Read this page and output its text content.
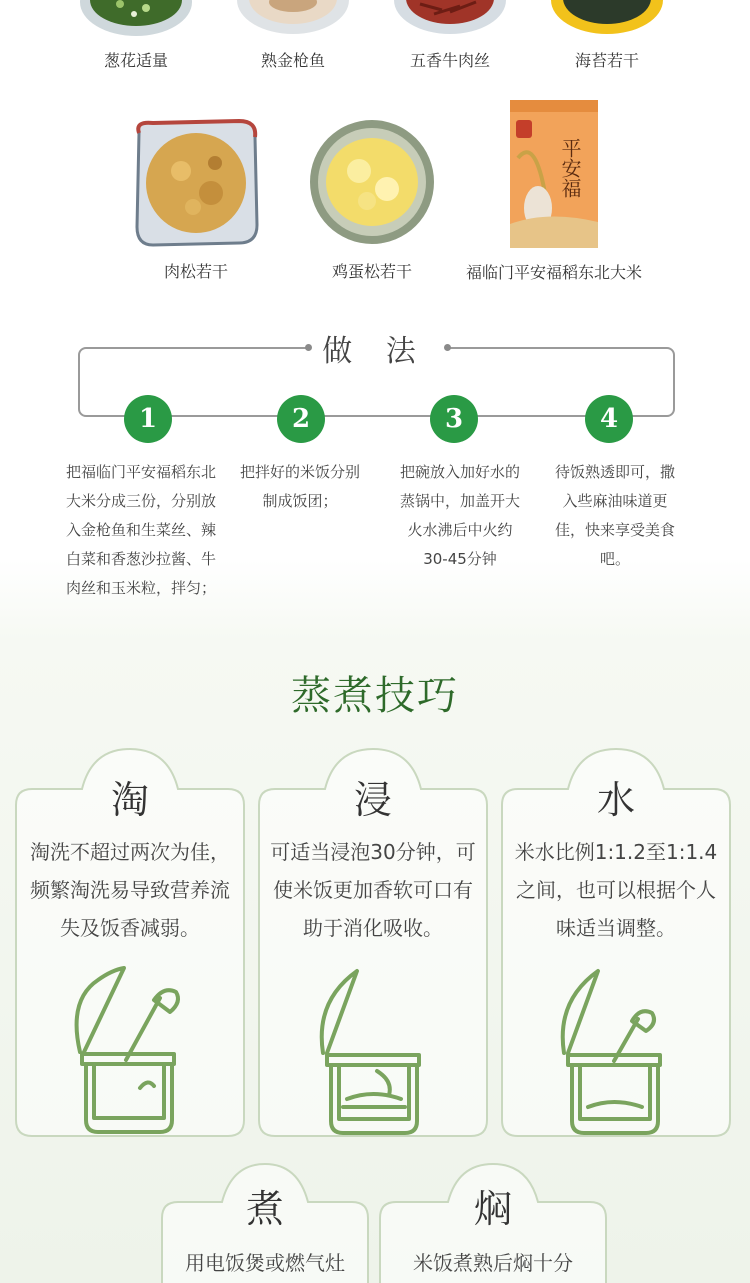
葱花适量	熟金枪鱼	五香牛肉丝	海苔若干
肉松若干	鸡蛋松若干
平安福
福临门平安福稻东北大米
做 法
1	2	3	4
把福临门平安福稻东北大米分成三份，分别放入金枪鱼和生菜丝、辣白菜和香葱沙拉酱、牛肉丝和玉米粒，拌匀；
把拌好的米饭分别制成饭团；
把碗放入加好水的蒸锅中，加盖开大火水沸后中火约30-45分钟
待饭熟透即可，撒入些麻油味道更佳，快来享受美食吧。
蒸煮技巧
淘
淘洗不超过两次为佳，频繁淘洗易导致营养流失及饭香减弱。
浸
可适当浸泡30分钟，可使米饭更加香软可口有助于消化吸收。
水
米水比例1:1.2至1:1.4之间，也可以根据个人味适当调整。
煮
用电饭煲或燃气灶
焖
米饭煮熟后焖十分
